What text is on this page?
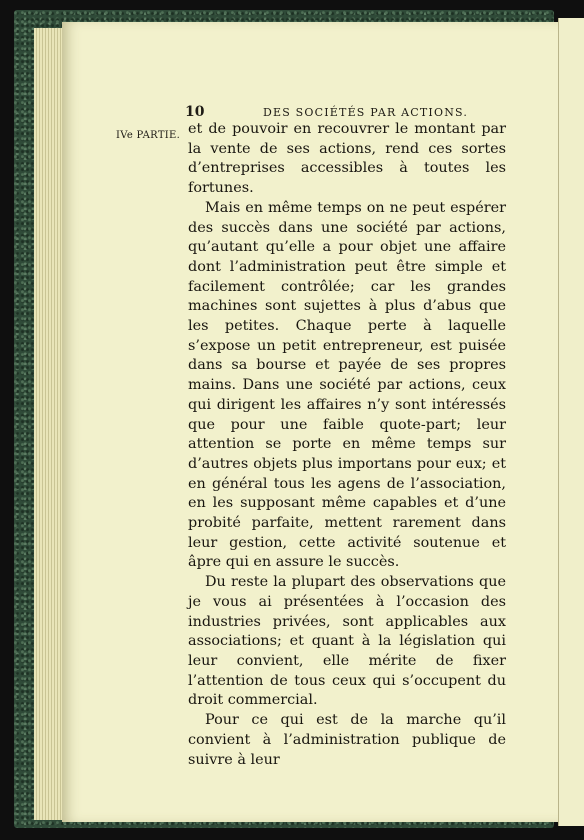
10	DES SOCIÉTÉS PAR ACTIONS.
IVe PARTIE. et de pouvoir en recouvrer le montant par la vente de ses actions, rend ces sortes d’entreprises accessibles à toutes les fortunes.

Mais en même temps on ne peut espérer des succès dans une société par actions, qu’autant qu’elle a pour objet une affaire dont l’administration peut être simple et facilement contrôlée; car les grandes machines sont sujettes à plus d’abus que les petites. Chaque perte à laquelle s’expose un petit entrepreneur, est puisée dans sa bourse et payée de ses propres mains. Dans une société par actions, ceux qui dirigent les affaires n’y sont intéressés que pour une faible quote-part; leur attention se porte en même temps sur d’autres objets plus importans pour eux; et en général tous les agens de l’association, en les supposant même capables et d’une probité parfaite, mettent rarement dans leur gestion, cette activité soutenue et âpre qui en assure le succès.

Du reste la plupart des observations que je vous ai présentées à l’occasion des industries privées, sont applicables aux associations; et quant à la législation qui leur convient, elle mérite de fixer l’attention de tous ceux qui s’occupent du droit commercial.

Pour ce qui est de la marche qu’il convient à l’administration publique de suivre à leur
